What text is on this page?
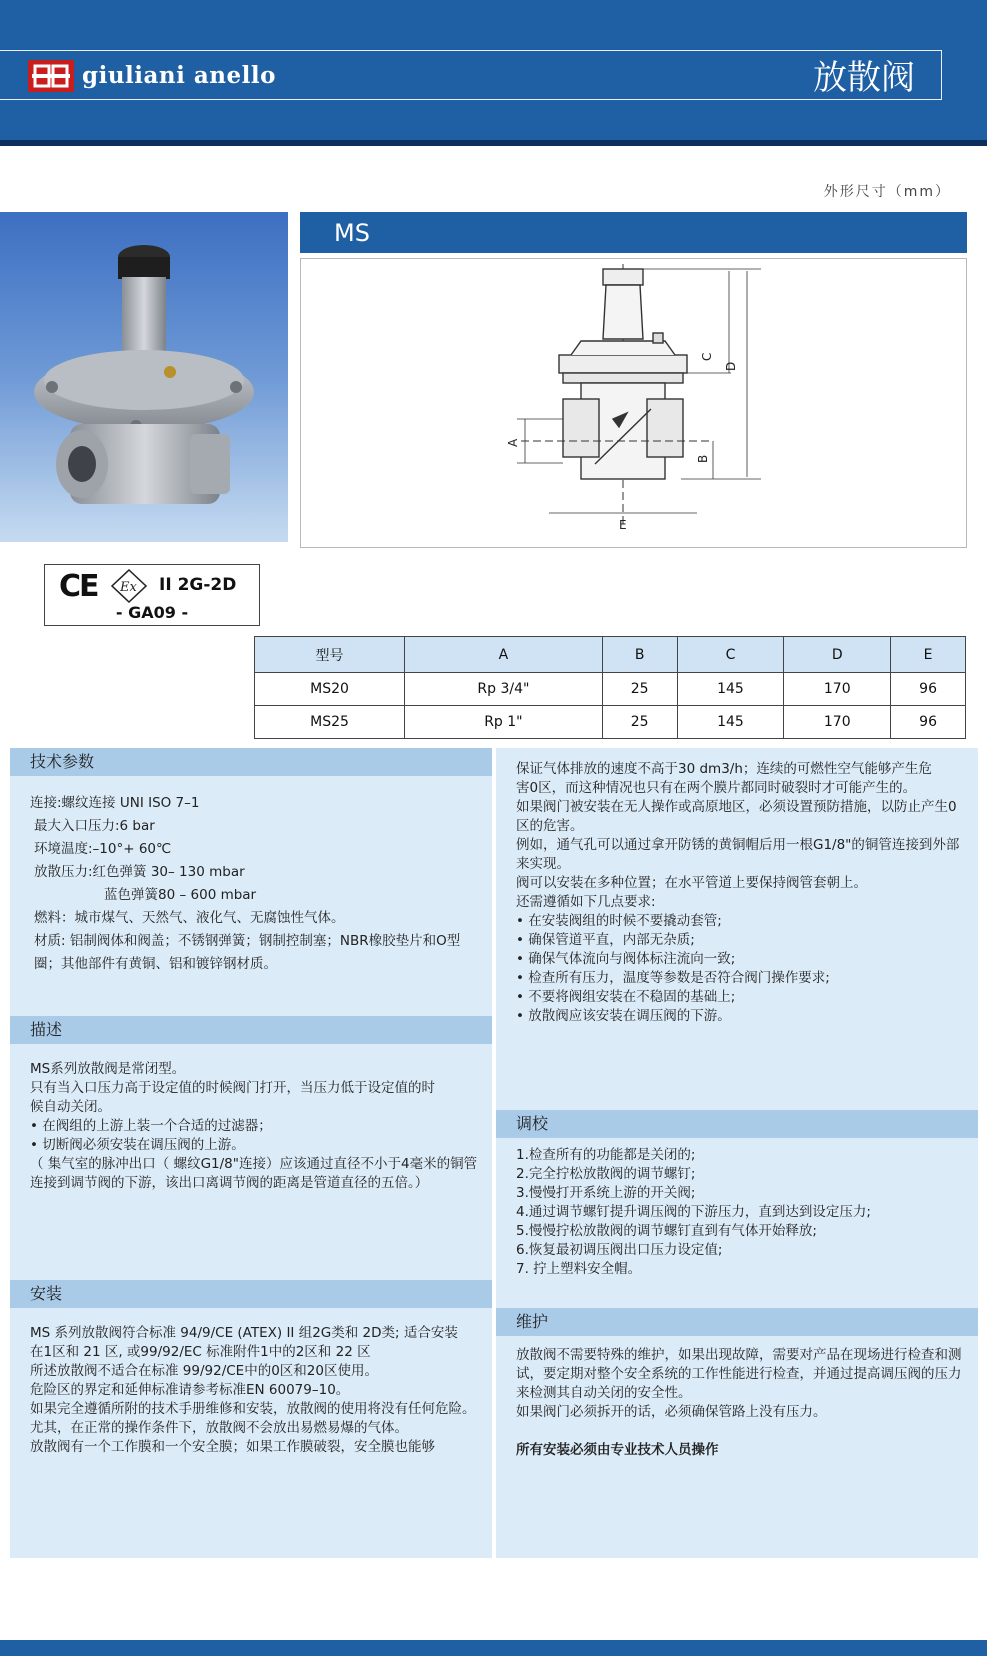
giuliani anello	放散阀
外形尺寸（mm）
MS
C
D
B
A
E
CE Ex II 2G-2D
- GA09 -
型号	A	B	C	D	E
MS20	Rp 3/4"	25	145	170	96
MS25	Rp 1"	25	145	170	96
技术参数

连接:螺纹连接 UNI ISO 7–1

最大入口压力:6 bar

环境温度:–10°+ 60℃

放散压力:红色弹簧 30– 130 mbar

蓝色弹簧80 – 600 mbar

燃料：城市煤气、天然气、液化气、无腐蚀性气体。

材质: 铝制阀体和阀盖；不锈钢弹簧；钢制控制塞；NBR橡胶垫片和O型圈；其他部件有黄铜、铝和镀锌钢材质。

描述

MS系列放散阀是常闭型。

只有当入口压力高于设定值的时候阀门打开，当压力低于设定值的时

候自动关闭。

• 在阀组的上游上装一个合适的过滤器；

• 切断阀必须安装在调压阀的上游。

（ 集气室的脉冲出口（ 螺纹G1/8"连接）应该通过直径不小于4毫米的铜管连接到调节阀的下游，该出口离调节阀的距离是管道直径的五倍。）

安装

MS 系列放散阀符合标准 94/9/CE (ATEX) II 组2G类和 2D类; 适合安装

在1区和 21 区, 或99/92/EC 标准附件1中的2区和 22 区

所述放散阀不适合在标准 99/92/CE中的0区和20区使用。

危险区的界定和延伸标准请参考标准EN 60079–10。

如果完全遵循所附的技术手册维修和安装，放散阀的使用将没有任何危险。

尤其，在正常的操作条件下，放散阀不会放出易燃易爆的气体。

放散阀有一个工作膜和一个安全膜；如果工作膜破裂，安全膜也能够

保证气体排放的速度不高于30 dm3/h；连续的可燃性空气能够产生危

害0区，而这种情况也只有在两个膜片都同时破裂时才可能产生的。

如果阀门被安装在无人操作或高原地区，必须设置预防措施，以防止产生0区的危害。

例如，通气孔可以通过拿开防锈的黄铜帽后用一根G1/8"的铜管连接到外部来实现。

阀可以安装在多种位置；在水平管道上要保持阀管套朝上。

还需遵循如下几点要求:

• 在安装阀组的时候不要撬动套管;

• 确保管道平直，内部无杂质;

• 确保气体流向与阀体标注流向一致;

• 检查所有压力，温度等参数是否符合阀门操作要求;

• 不要将阀组安装在不稳固的基础上;

• 放散阀应该安装在调压阀的下游。

调校

1.检查所有的功能都是关闭的;

2.完全拧松放散阀的调节螺钉;

3.慢慢打开系统上游的开关阀;

4.通过调节螺钉提升调压阀的下游压力，直到达到设定压力;

5.慢慢拧松放散阀的调节螺钉直到有气体开始释放;

6.恢复最初调压阀出口压力设定值;

7. 拧上塑料安全帽。

维护

放散阀不需要特殊的维护，如果出现故障，需要对产品在现场进行检查和测试，要定期对整个安全系统的工作性能进行检查，并通过提高调压阀的压力来检测其自动关闭的安全性。

如果阀门必须拆开的话，必须确保管路上没有压力。

所有安装必须由专业技术人员操作
